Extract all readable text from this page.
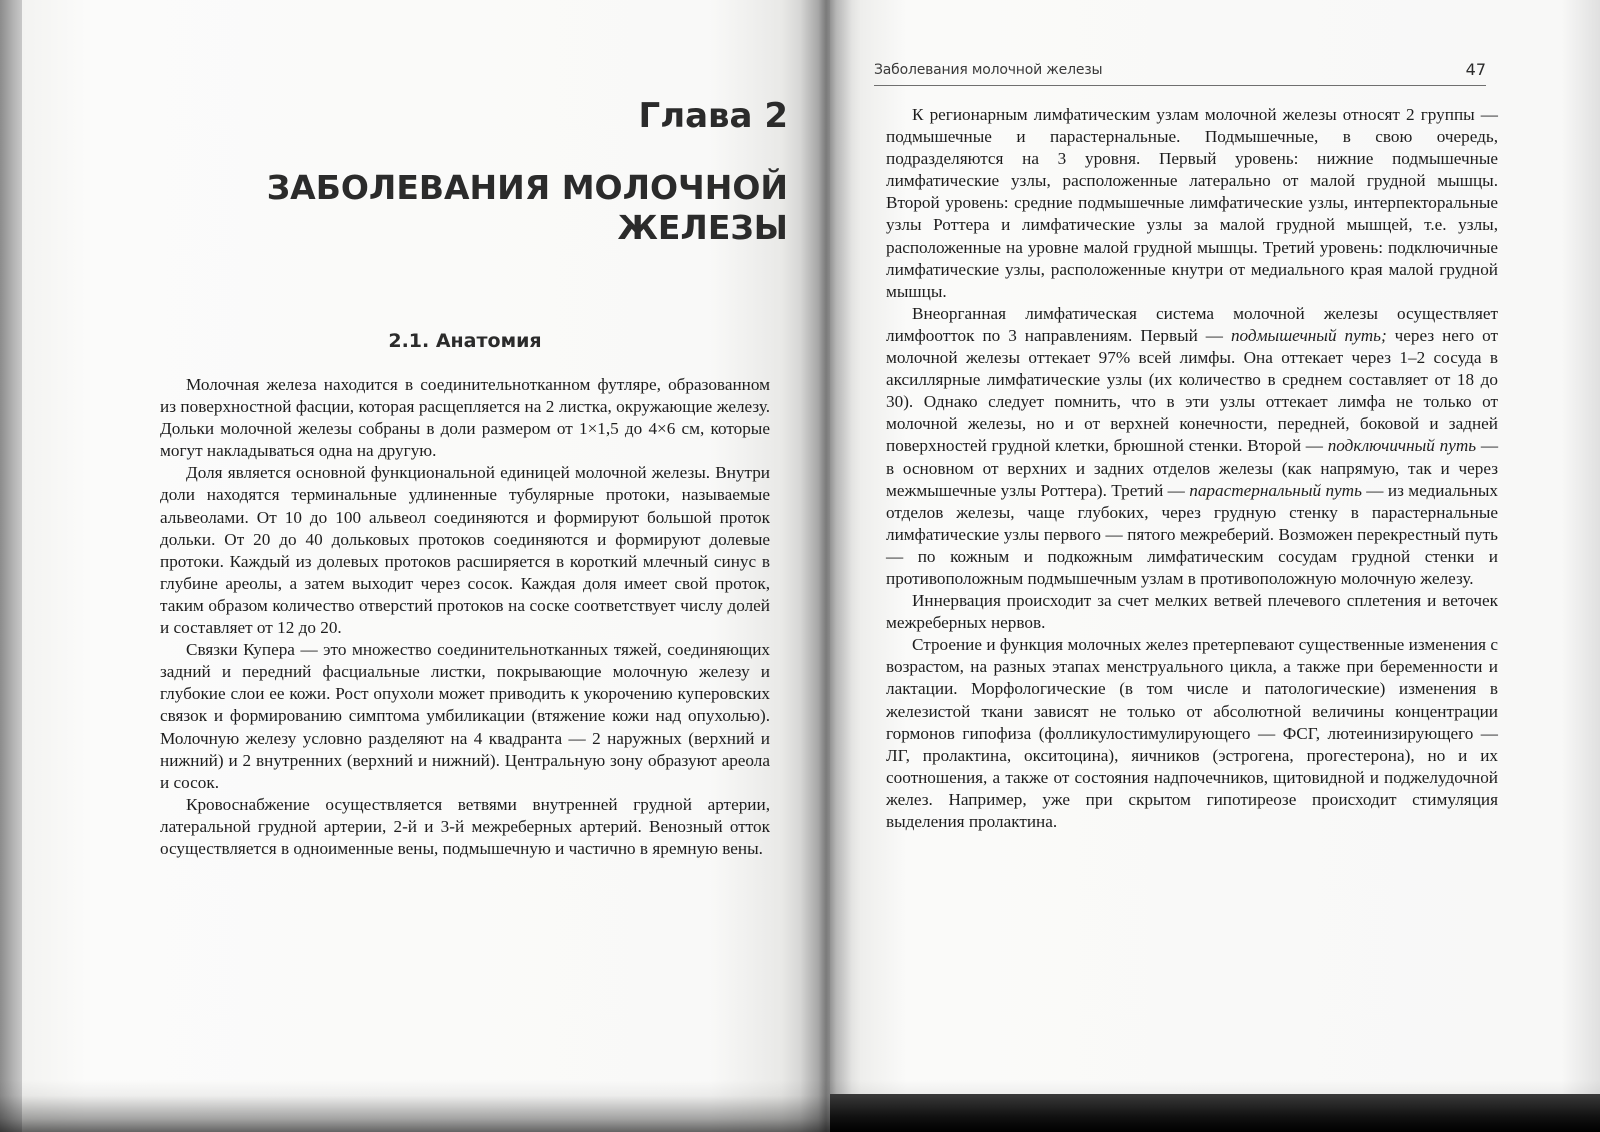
Глава 2
ЗАБОЛЕВАНИЯ МОЛОЧНОЙ
ЖЕЛЕЗЫ
2.1. Анатомия

Молочная железа находится в соединительнотканном футляре, образованном из поверхностной фасции, которая расщепляется на 2 листка, окружающие железу. Дольки молочной железы собраны в доли размером от 1×1,5 до 4×6 см, которые могут накладываться одна на другую.

Доля является основной функциональной единицей молочной железы. Внутри доли находятся терминальные удлиненные тубулярные протоки, называемые альвеолами. От 10 до 100 альвеол соединяются и формируют большой проток дольки. От 20 до 40 дольковых протоков соединяются и формируют долевые протоки. Каждый из долевых протоков расширяется в короткий млечный синус в глубине ареолы, а затем выходит через сосок. Каждая доля имеет свой проток, таким образом количество отверстий протоков на соске соответствует числу долей и составляет от 12 до 20.

Связки Купера — это множество соединительнотканных тяжей, соединяющих задний и передний фасциальные листки, покрывающие молочную железу и глубокие слои ее кожи. Рост опухоли может приводить к укорочению куперовских связок и формированию симптома умбиликации (втяжение кожи над опухолью). Молочную железу условно разделяют на 4 квадранта — 2 наружных (верхний и нижний) и 2 внутренних (верхний и нижний). Центральную зону образуют ареола и сосок.

Кровоснабжение осуществляется ветвями внутренней грудной артерии, латеральной грудной артерии, 2-й и 3-й межреберных артерий. Венозный отток осуществляется в одноименные вены, подмышечную и частично в яремную вены.

Заболевания молочной железы	47

К регионарным лимфатическим узлам молочной железы относят 2 группы — подмышечные и парастернальные. Подмышечные, в свою очередь, подразделяются на 3 уровня. Первый уровень: нижние подмышечные лимфатические узлы, расположенные латерально от малой грудной мышцы. Второй уровень: средние подмышечные лимфатические узлы, интерпекторальные узлы Роттера и лимфатические узлы за малой грудной мышцей, т.е. узлы, расположенные на уровне малой грудной мышцы. Третий уровень: подключичные лимфатические узлы, расположенные кнутри от медиального края малой грудной мышцы.

Внеорганная лимфатическая система молочной железы осуществляет лимфоотток по 3 направлениям. Первый — подмышечный путь; через него от молочной железы оттекает 97% всей лимфы. Она оттекает через 1–2 сосуда в аксиллярные лимфатические узлы (их количество в среднем составляет от 18 до 30). Однако следует помнить, что в эти узлы оттекает лимфа не только от молочной железы, но и от верхней конечности, передней, боковой и задней поверхностей грудной клетки, брюшной стенки. Второй — подключичный путь — в основном от верхних и задних отделов железы (как напрямую, так и через межмышечные узлы Роттера). Третий — парастернальный путь — из медиальных отделов железы, чаще глубоких, через грудную стенку в парастернальные лимфатические узлы первого — пятого межреберий. Возможен перекрестный путь — по кожным и подкожным лимфатическим сосудам грудной стенки и противоположным подмышечным узлам в противоположную молочную железу.

Иннервация происходит за счет мелких ветвей плечевого сплетения и веточек межреберных нервов.

Строение и функция молочных желез претерпевают существенные изменения с возрастом, на разных этапах менструального цикла, а также при беременности и лактации. Морфологические (в том числе и патологические) изменения в железистой ткани зависят не только от абсолютной величины концентрации гормонов гипофиза (фолликулостимулирующего — ФСГ, лютеинизирующего — ЛГ, пролактина, окситоцина), яичников (эстрогена, прогестерона), но и их соотношения, а также от состояния надпочечников, щитовидной и поджелудочной желез. Например, уже при скрытом гипотиреозе происходит стимуляция выделения пролактина.
